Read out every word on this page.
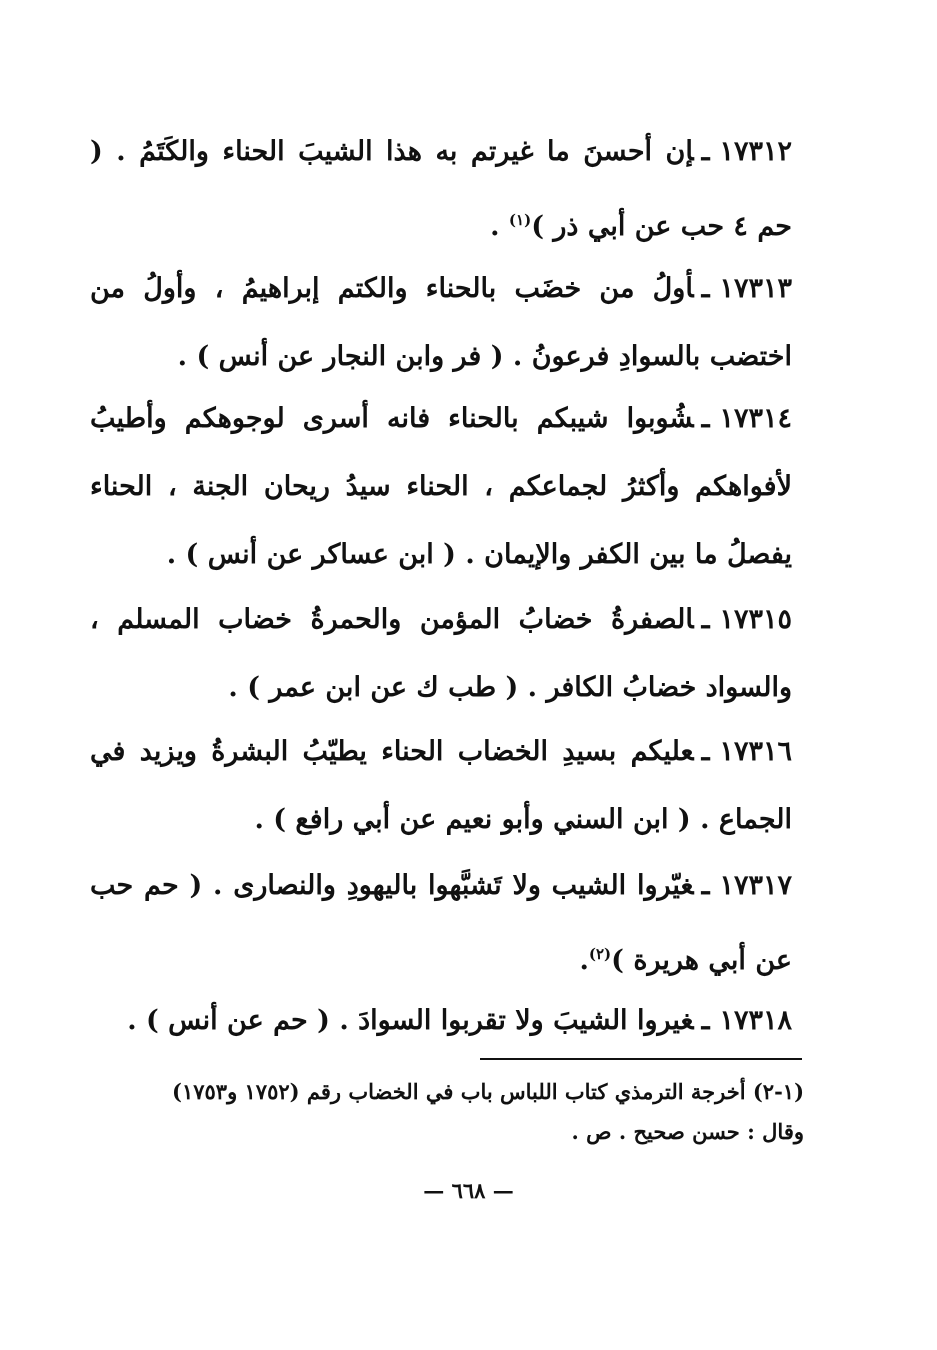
١٧٣١٢ـإن أحسنَ ما غيرتم به هذا الشيبَ الحناء والكَتَمُ . ( حم ٤ حب عن أبي ذر )$^{(١)}$ .
١٧٣١٣ـأولُ من خضَب بالحناء والكتم إبراهيمُ ، وأولُ من اختضب بالسوادِ فرعونُ . ( فر وابن النجار عن أنس ) .
١٧٣١٤ـشُوبوا شيبكم بالحناء فانه أسرى لوجوهكم وأطيبُ لأفواهكم وأكثرُ لجماعكم ، الحناء سيدُ ريحان الجنة ، الحناء يفصلُ ما بين الكفر والإيمان . ( ابن عساكر عن أنس ) .
١٧٣١٥ـالصفرةُ خضابُ المؤمن والحمرةُ خضاب المسلم ، والسواد خضابُ الكافر . ( طب ك عن ابن عمر ) .
١٧٣١٦ـعليكم بسيدِ الخضاب الحناء يطيّبُ البشرةُ ويزيد في الجماع . ( ابن السني وأبو نعيم عن أبي رافع ) .
١٧٣١٧ـغيّروا الشيب ولا تَشبَّهوا باليهودِ والنصارى . ( حم حب عن أبي هريرة )$^{(٢)}$.
١٧٣١٨ـغيروا الشيبَ ولا تقربوا السوادَ . ( حم عن أنس ) .
(١-٢) أخرجة الترمذي كتاب اللباس باب في الخضاب رقم (١٧٥٢ و١٧٥٣)
وقال : حسن صحيح . ص .
— ٦٦٨ —
